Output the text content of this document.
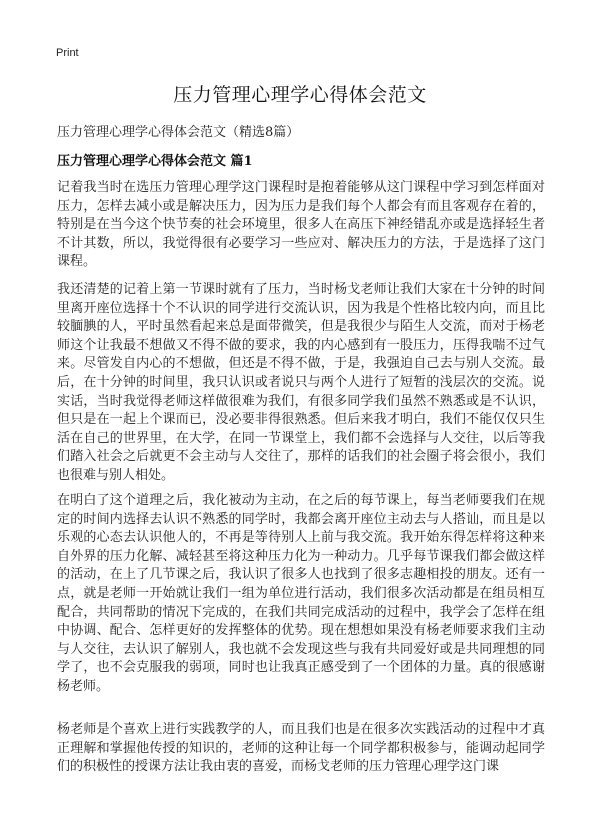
Print
压力管理心理学心得体会范文
压力管理心理学心得体会范文（精选8篇）
压力管理心理学心得体会范文 篇1

记着我当时在选压力管理心理学这门课程时是抱着能够从这门课程中学习到怎样面对压力，怎样去减小或是解决压力，因为压力是我们每个人都会有而且客观存在着的，特别是在当今这个快节奏的社会环境里，很多人在高压下神经错乱亦或是选择轻生者不计其数，所以，我觉得很有必要学习一些应对、解决压力的方法，于是选择了这门课程。

我还清楚的记着上第一节课时就有了压力，当时杨戈老师让我们大家在十分钟的时间里离开座位选择十个不认识的同学进行交流认识，因为我是个性格比较内向，而且比较腼腆的人，平时虽然看起来总是面带微笑，但是我很少与陌生人交流，而对于杨老师这个让我最不想做又不得不做的要求，我的内心感到有一股压力，压得我喘不过气来。尽管发自内心的不想做，但还是不得不做，于是，我强迫自己去与别人交流。最后，在十分钟的时间里，我只认识或者说只与两个人进行了短暂的浅层次的交流。说实话，当时我觉得老师这样做很难为我们，有很多同学我们虽然不熟悉或是不认识，但只是在一起上个课而已，没必要非得很熟悉。但后来我才明白，我们不能仅仅只生活在自己的世界里，在大学，在同一节课堂上，我们都不会选择与人交往，以后等我们踏入社会之后就更不会主动与人交往了，那样的话我们的社会圈子将会很小，我们也很难与别人相处。

在明白了这个道理之后，我化被动为主动，在之后的每节课上，每当老师要我们在规定的时间内选择去认识不熟悉的同学时，我都会离开座位主动去与人搭讪，而且是以乐观的心态去认识他人的，不再是等待别人上前与我交流。我开始东得怎样将这种来自外界的压力化解、减轻甚至将这种压力化为一种动力。几乎每节课我们都会做这样的活动，在上了几节课之后，我认识了很多人也找到了很多志趣相投的朋友。还有一点，就是老师一开始就让我们一组为单位进行活动，我们很多次活动都是在组员相互配合，共同帮助的情况下完成的，在我们共同完成活动的过程中，我学会了怎样在组中协调、配合、怎样更好的发挥整体的优势。现在想想如果没有杨老师要求我们主动与人交往，去认识了解别人，我也就不会发现这些与我有共同爱好或是共同理想的同学了，也不会克服我的弱项，同时也让我真正感受到了一个团体的力量。真的很感谢杨老师。

杨老师是个喜欢上进行实践教学的人，而且我们也是在很多次实践活动的过程中才真正理解和掌握他传授的知识的，老师的这种让每一个同学都积极参与，能调动起同学们的积极性的授课方法让我由衷的喜爱，而杨戈老师的压力管理心理学这门课
